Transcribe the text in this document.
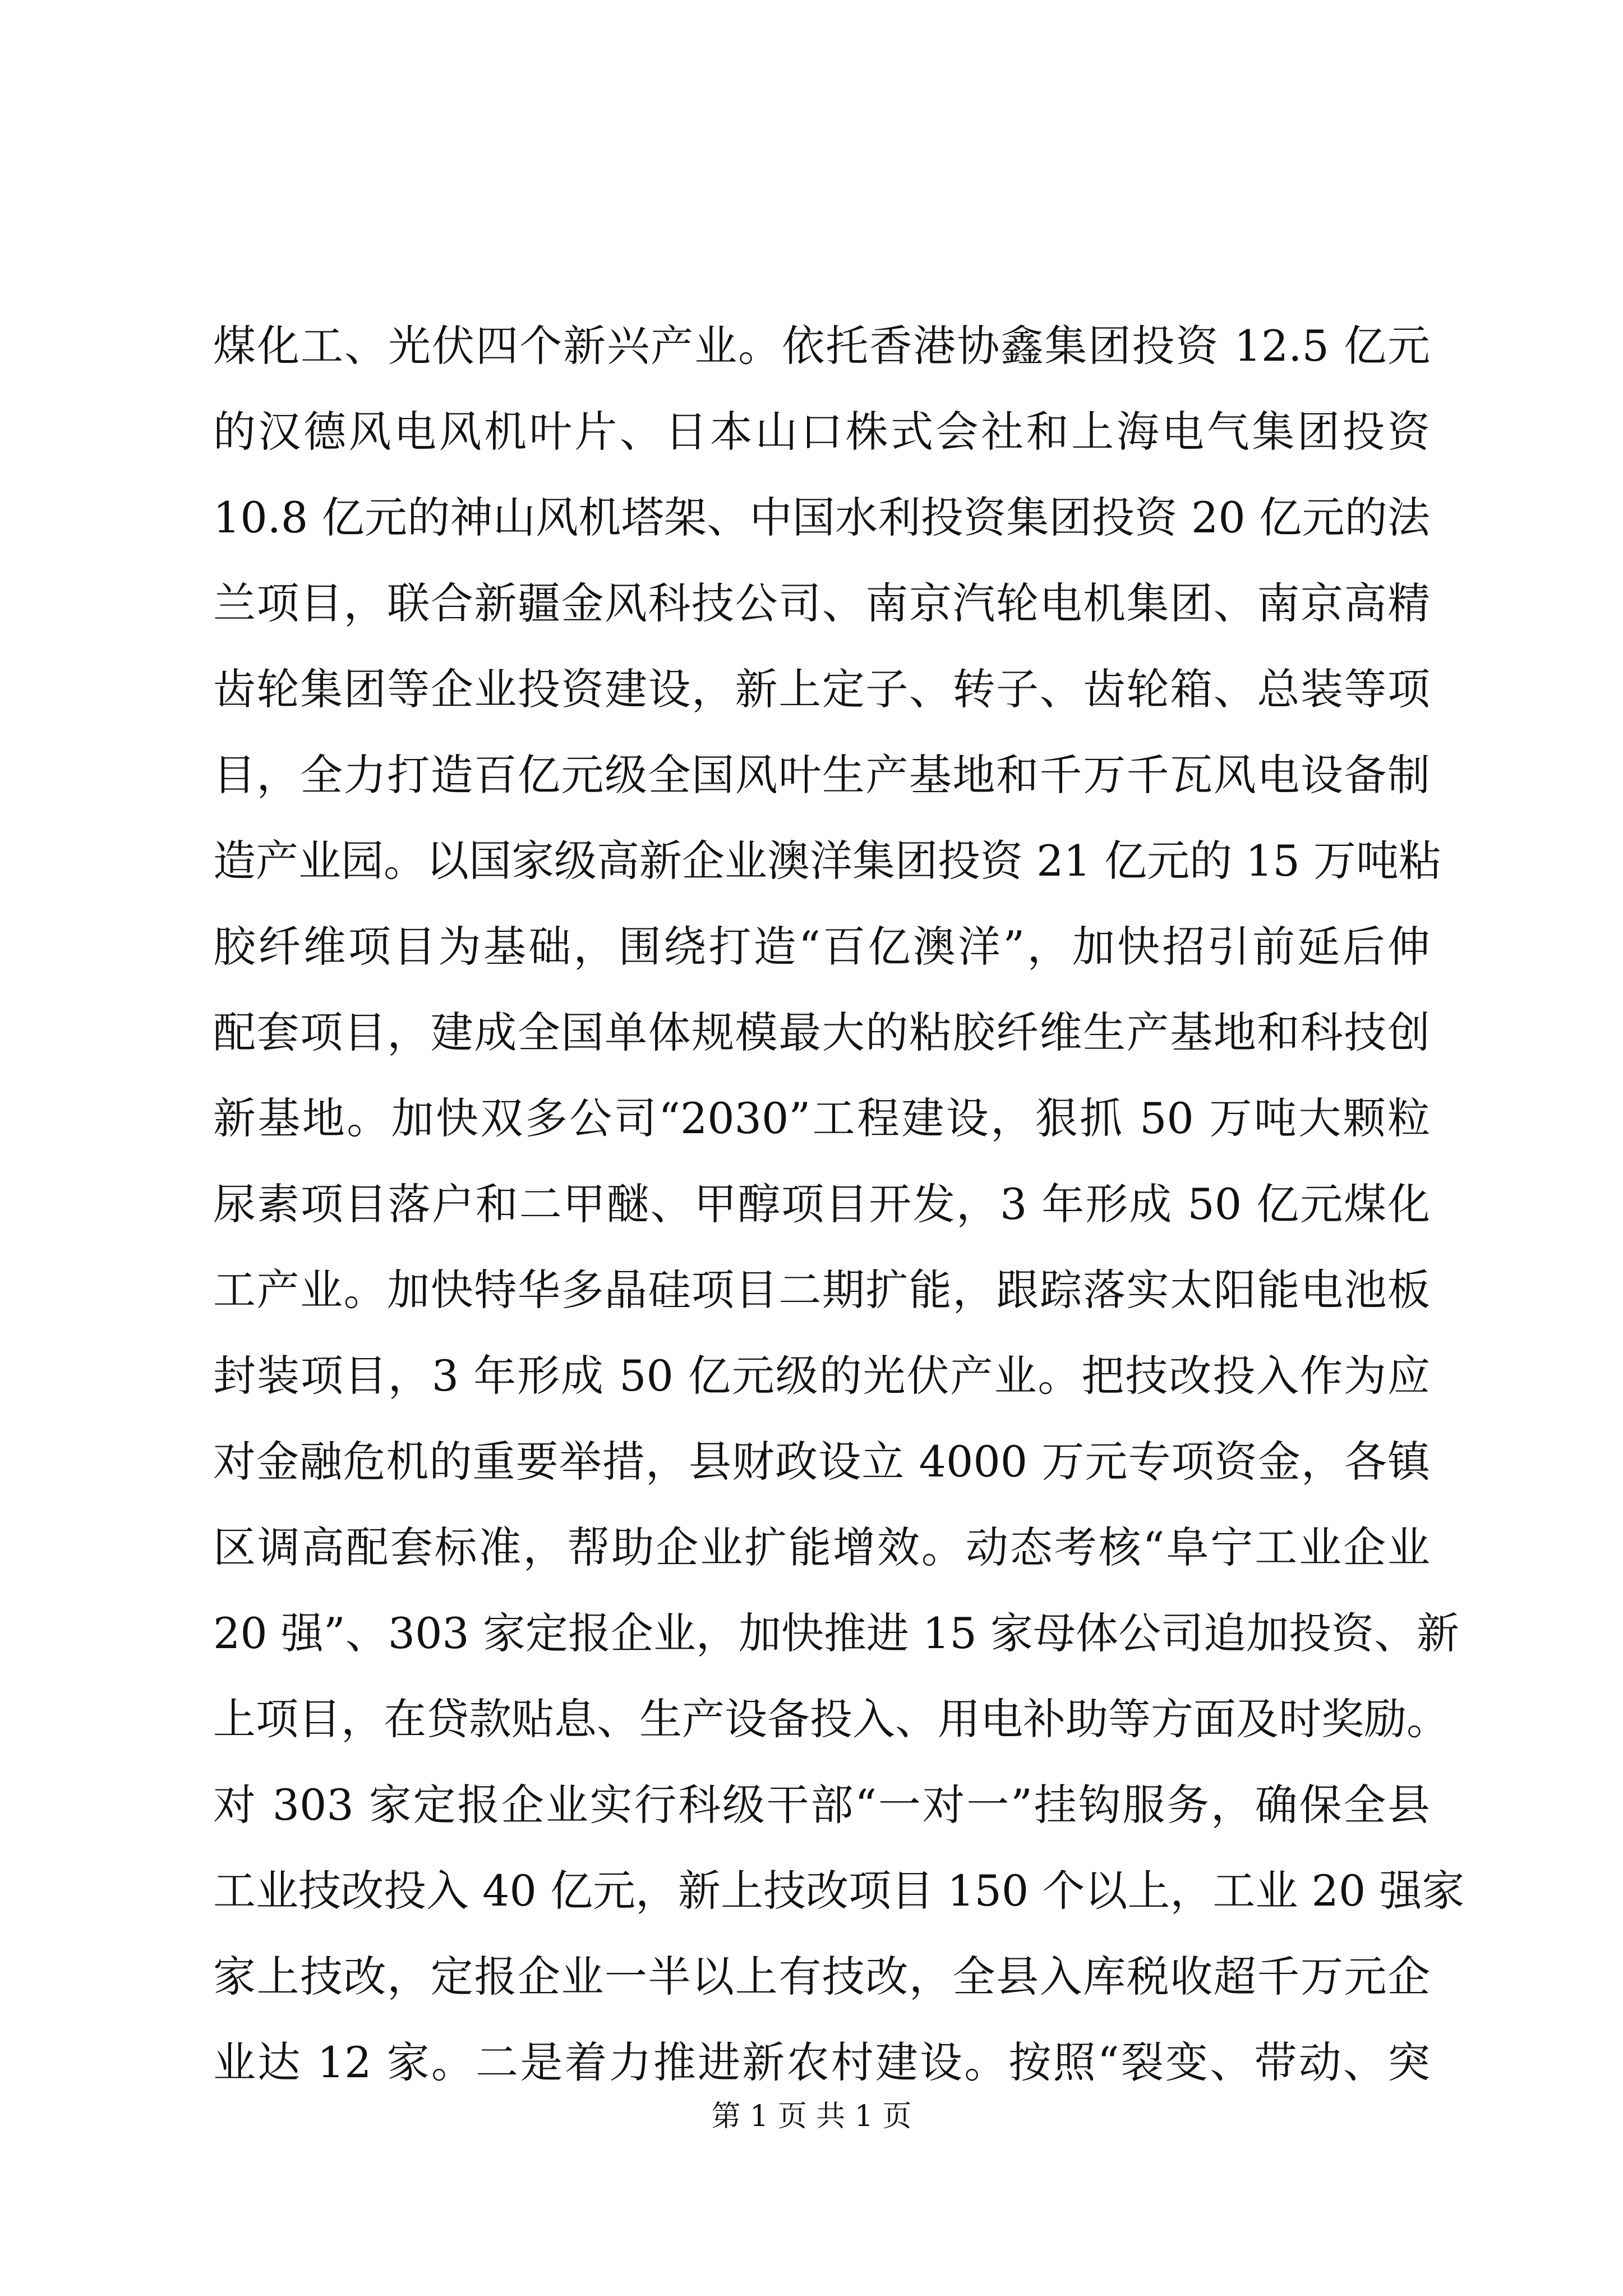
煤化工、光伏四个新兴产业。依托香港协鑫集团投资 12.5 亿元
的汉德风电风机叶片、日本山口株式会社和上海电气集团投资
10.8 亿元的神山风机塔架、中国水利投资集团投资 20 亿元的法
兰项目，联合新疆金风科技公司、南京汽轮电机集团、南京高精
齿轮集团等企业投资建设，新上定子、转子、齿轮箱、总装等项
目，全力打造百亿元级全国风叶生产基地和千万千瓦风电设备制
造产业园。以国家级高新企业澳洋集团投资 21 亿元的 15 万吨粘
胶纤维项目为基础，围绕打造“百亿澳洋”，加快招引前延后伸
配套项目，建成全国单体规模最大的粘胶纤维生产基地和科技创
新基地。加快双多公司“2030”工程建设，狠抓 50 万吨大颗粒
尿素项目落户和二甲醚、甲醇项目开发，3 年形成 50 亿元煤化
工产业。加快特华多晶硅项目二期扩能，跟踪落实太阳能电池板
封装项目，3 年形成 50 亿元级的光伏产业。把技改投入作为应
对金融危机的重要举措，县财政设立 4000 万元专项资金，各镇
区调高配套标准，帮助企业扩能增效。动态考核“阜宁工业企业
20 强”、303 家定报企业，加快推进 15 家母体公司追加投资、新
上项目，在贷款贴息、生产设备投入、用电补助等方面及时奖励。
对 303 家定报企业实行科级干部“一对一”挂钩服务，确保全县
工业技改投入 40 亿元，新上技改项目 150 个以上，工业 20 强家
家上技改，定报企业一半以上有技改，全县入库税收超千万元企
业达 12 家。二是着力推进新农村建设。按照“裂变、带动、突
第 1 页 共 1 页
